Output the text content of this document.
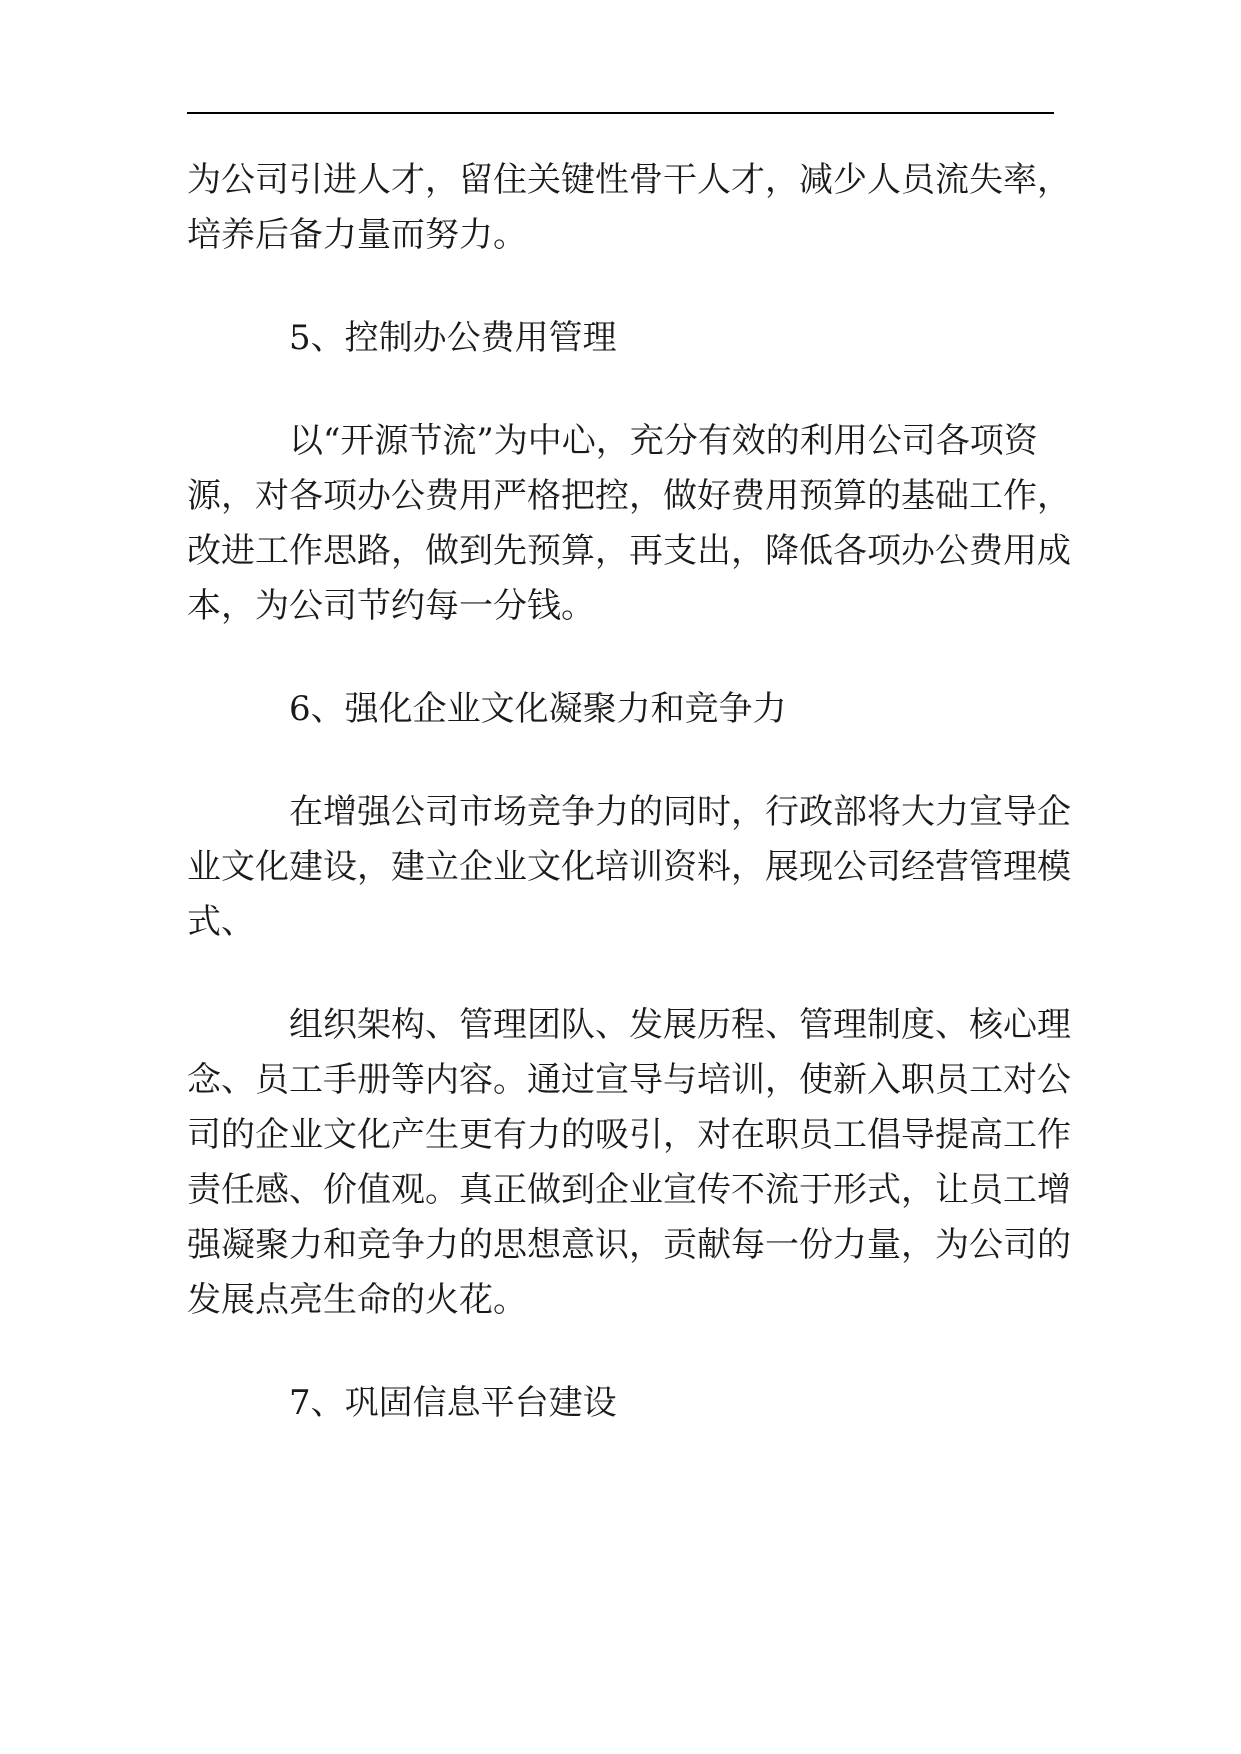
为公司引进人才，留住关键性骨干人才，减少人员流失率，
培养后备力量而努力。
5、控制办公费用管理
以“开源节流”为中心，充分有效的利用公司各项资
源，对各项办公费用严格把控，做好费用预算的基础工作，
改进工作思路，做到先预算，再支出，降低各项办公费用成
本，为公司节约每一分钱。
6、强化企业文化凝聚力和竞争力
在增强公司市场竞争力的同时，行政部将大力宣导企
业文化建设，建立企业文化培训资料，展现公司经营管理模
式、
组织架构、管理团队、发展历程、管理制度、核心理
念、员工手册等内容。通过宣导与培训，使新入职员工对公
司的企业文化产生更有力的吸引，对在职员工倡导提高工作
责任感、价值观。真正做到企业宣传不流于形式，让员工增
强凝聚力和竞争力的思想意识，贡献每一份力量，为公司的
发展点亮生命的火花。
7、巩固信息平台建设
